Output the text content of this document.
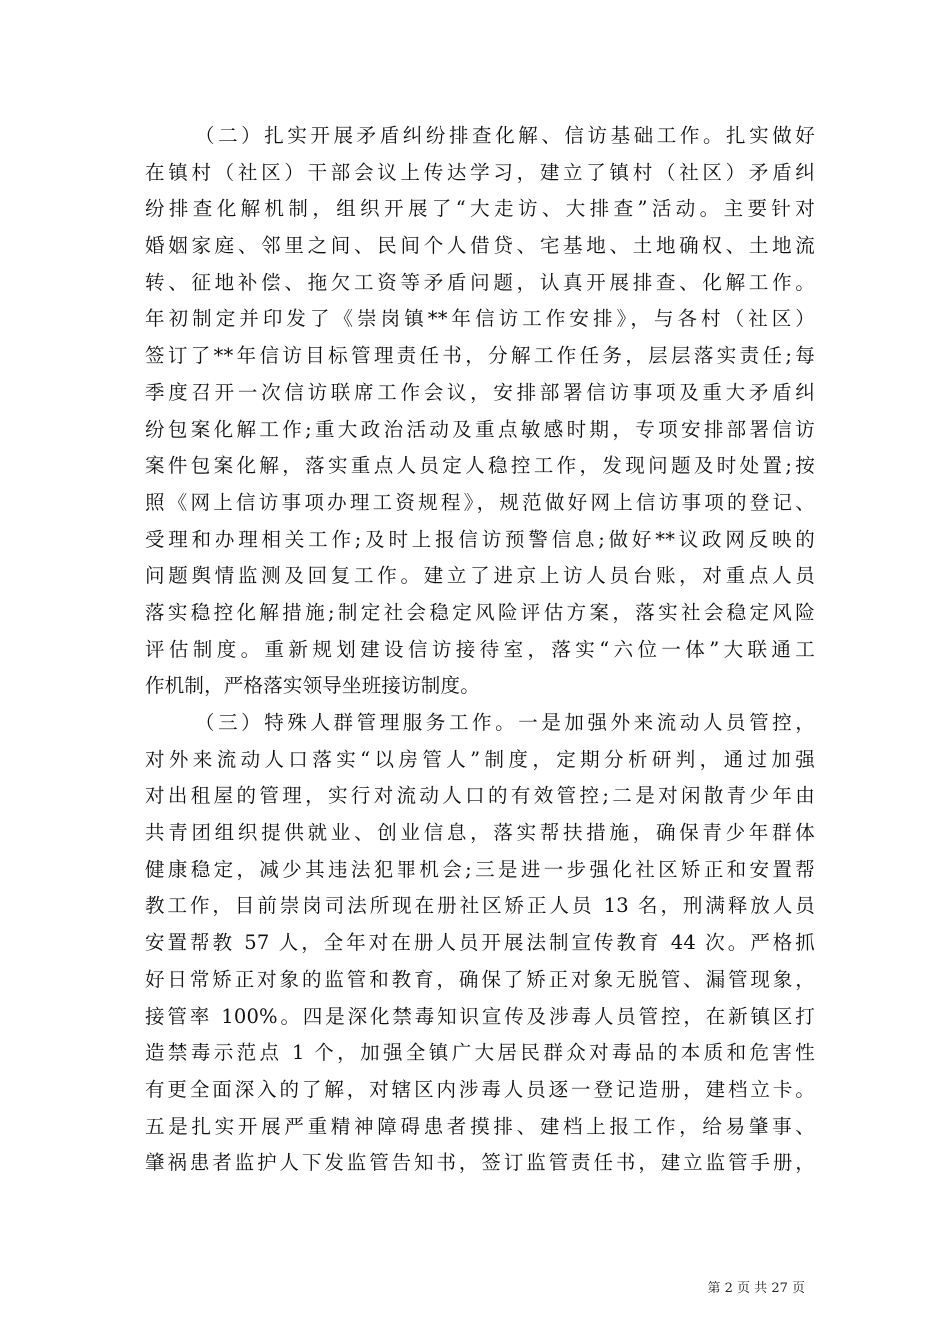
（二）扎实开展矛盾纠纷排查化解、信访基础工作。扎实做好
在镇村（社区）干部会议上传达学习，建立了镇村（社区）矛盾纠
纷排查化解机制，组织开展了“大走访、大排查”活动。主要针对
婚姻家庭、邻里之间、民间个人借贷、宅基地、土地确权、土地流
转、征地补偿、拖欠工资等矛盾问题，认真开展排查、化解工作。
年初制定并印发了《崇岗镇**年信访工作安排》，与各村（社区）
签订了**年信访目标管理责任书，分解工作任务，层层落实责任;每
季度召开一次信访联席工作会议，安排部署信访事项及重大矛盾纠
纷包案化解工作;重大政治活动及重点敏感时期，专项安排部署信访
案件包案化解，落实重点人员定人稳控工作，发现问题及时处置;按
照《网上信访事项办理工资规程》，规范做好网上信访事项的登记、
受理和办理相关工作;及时上报信访预警信息;做好**议政网反映的
问题舆情监测及回复工作。建立了进京上访人员台账，对重点人员
落实稳控化解措施;制定社会稳定风险评估方案，落实社会稳定风险
评估制度。重新规划建设信访接待室，落实“六位一体”大联通工
作机制，严格落实领导坐班接访制度。
（三）特殊人群管理服务工作。一是加强外来流动人员管控，
对外来流动人口落实“以房管人”制度，定期分析研判，通过加强
对出租屋的管理，实行对流动人口的有效管控;二是对闲散青少年由
共青团组织提供就业、创业信息，落实帮扶措施，确保青少年群体
健康稳定，减少其违法犯罪机会;三是进一步强化社区矫正和安置帮
教工作，目前崇岗司法所现在册社区矫正人员 13 名，刑满释放人员
安置帮教 57 人，全年对在册人员开展法制宣传教育 44 次。严格抓
好日常矫正对象的监管和教育，确保了矫正对象无脱管、漏管现象，
接管率 100%。四是深化禁毒知识宣传及涉毒人员管控，在新镇区打
造禁毒示范点 1 个，加强全镇广大居民群众对毒品的本质和危害性
有更全面深入的了解，对辖区内涉毒人员逐一登记造册，建档立卡。
五是扎实开展严重精神障碍患者摸排、建档上报工作，给易肇事、
肇祸患者监护人下发监管告知书，签订监管责任书，建立监管手册，
第 2 页 共 27 页
